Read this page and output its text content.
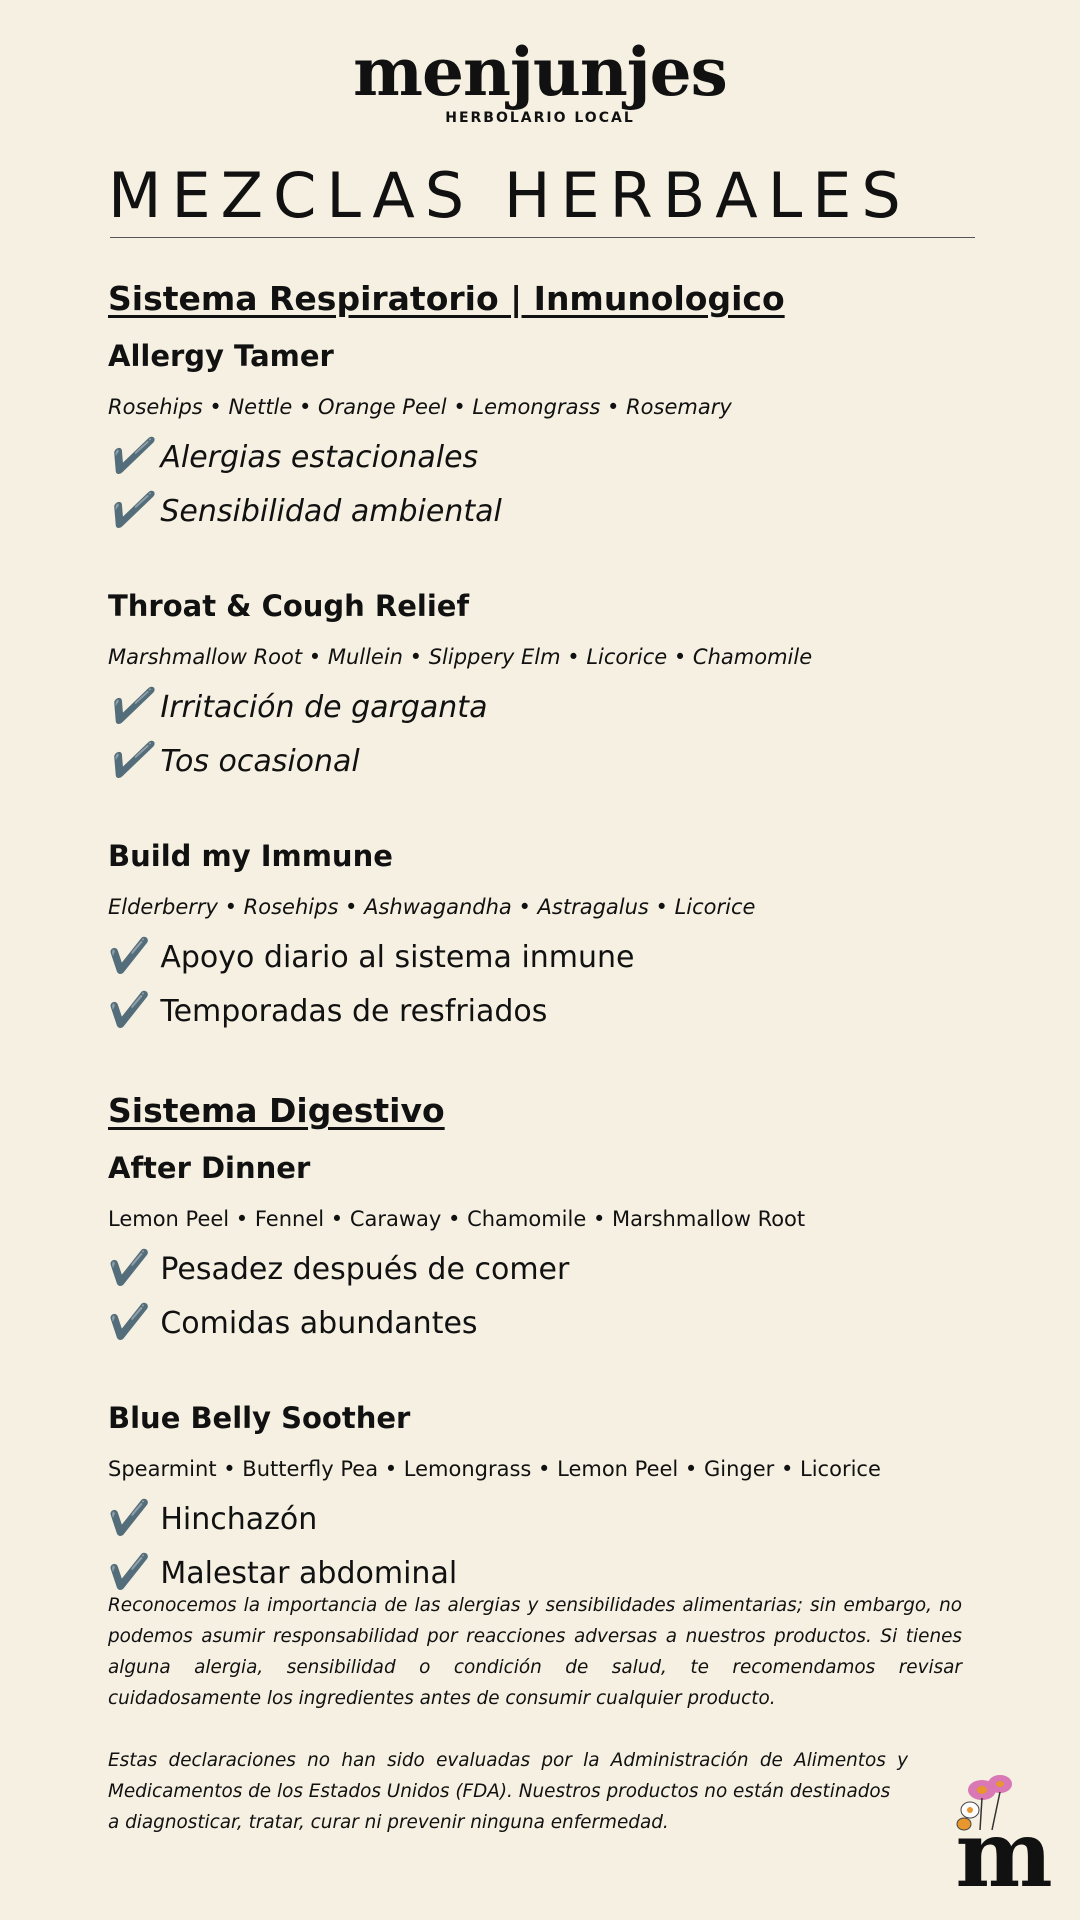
menjunjes
HERBOLARIO LOCAL
MEZCLAS HERBALES
Sistema Respiratorio | Inmunologico
Allergy Tamer
Rosehips • Nettle • Orange Peel • Lemongrass • Rosemary
✔️ Alergias estacionales
✔️ Sensibilidad ambiental
Throat & Cough Relief
Marshmallow Root • Mullein • Slippery Elm • Licorice • Chamomile
✔️ Irritación de garganta
✔️ Tos ocasional
Build my Immune
Elderberry • Rosehips • Ashwagandha • Astragalus • Licorice
✔️ Apoyo diario al sistema inmune
✔️ Temporadas de resfriados
Sistema Digestivo
After Dinner
Lemon Peel • Fennel • Caraway • Chamomile • Marshmallow Root
✔️ Pesadez después de comer
✔️ Comidas abundantes
Blue Belly Soother
Spearmint • Butterfly Pea • Lemongrass • Lemon Peel • Ginger • Licorice
✔️ Hinchazón
✔️ Malestar abdominal
Reconocemos la importancia de las alergias y sensibilidades alimentarias; sin embargo, no podemos asumir responsabilidad por reacciones adversas a nuestros productos. Si tienes alguna alergia, sensibilidad o condición de salud, te recomendamos revisar cuidadosamente los ingredientes antes de consumir cualquier producto.
Estas declaraciones no han sido evaluadas por la Administración de Alimentos y Medicamentos de los Estados Unidos (FDA). Nuestros productos no están destinados
a diagnosticar, tratar, curar ni prevenir ninguna enfermedad.	m
